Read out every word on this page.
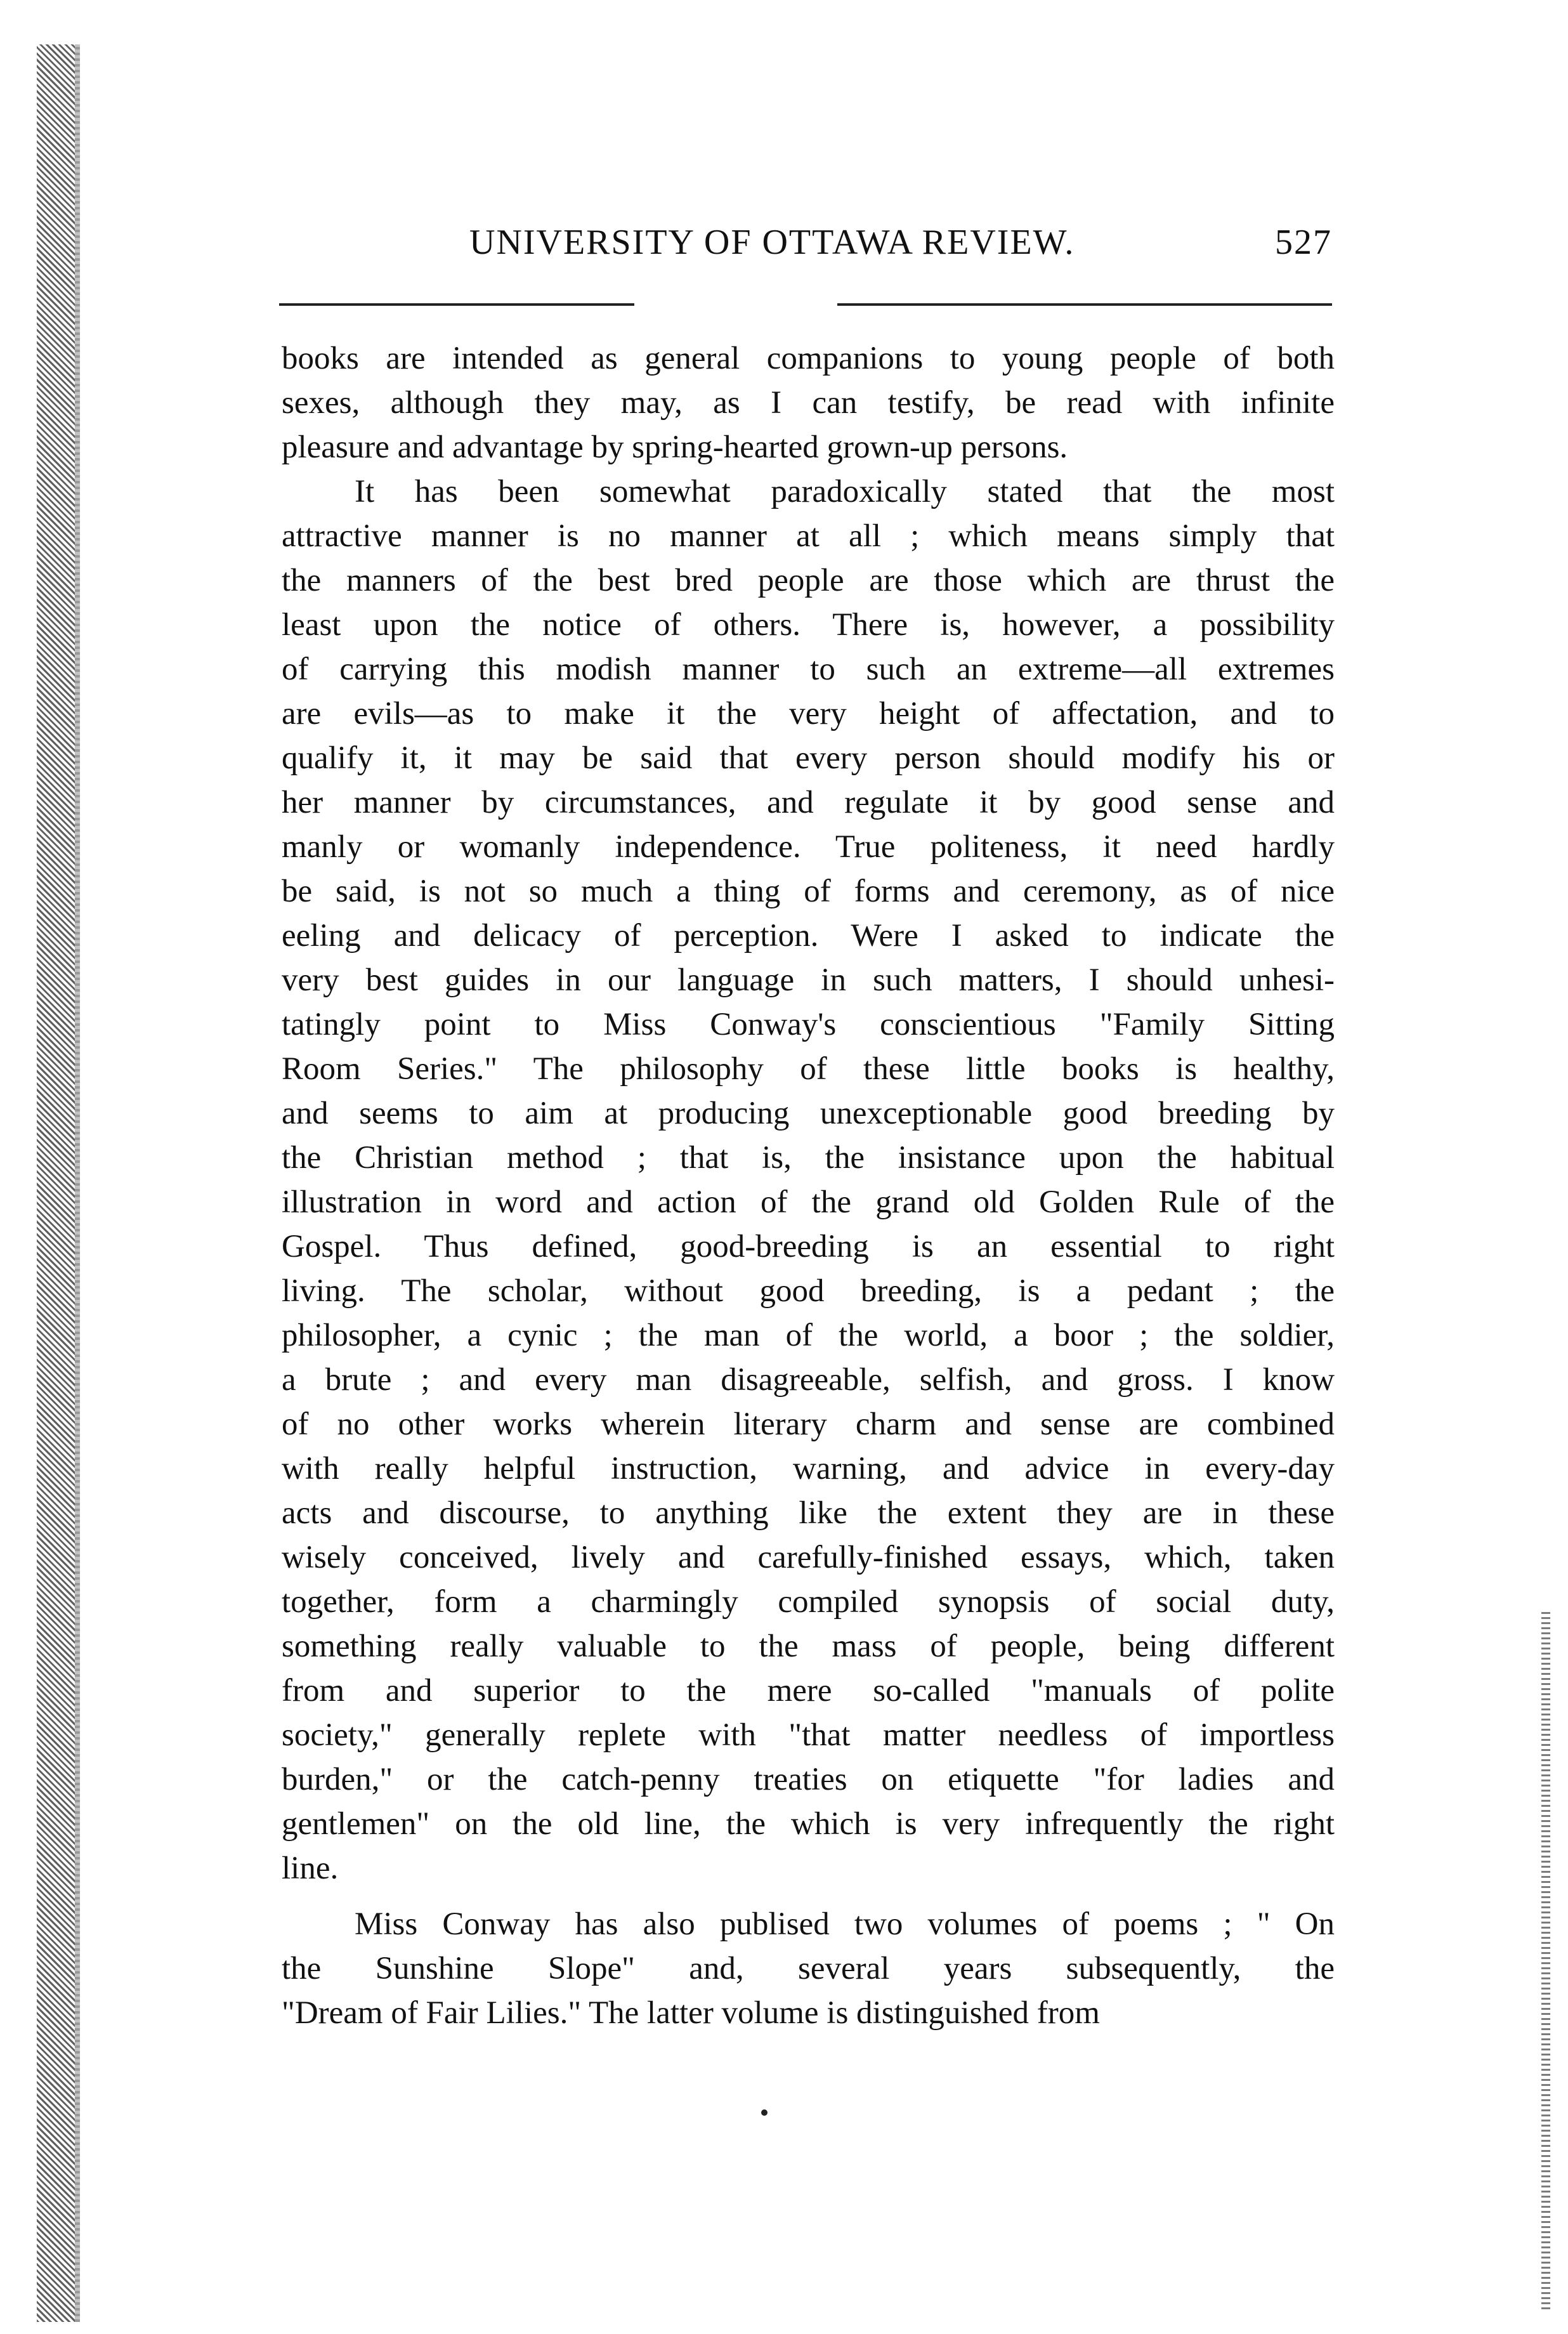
UNIVERSITY OF OTTAWA REVIEW.	527
books are intended as general companions to young people of both
sexes, although they may, as I can testify, be read with infinite
pleasure and advantage by spring-hearted grown-up persons.
It has been somewhat paradoxically stated that the most
attractive manner is no manner at all ; which means simply that
the manners of the best bred people are those which are thrust the
least upon the notice of others. There is, however, a possibility
of carrying this modish manner to such an extreme—all extremes
are evils—as to make it the very height of affectation, and to
qualify it, it may be said that every person should modify his or
her manner by circumstances, and regulate it by good sense and
manly or womanly independence. True politeness, it need hardly
be said, is not so much a thing of forms and ceremony, as of nice
eeling and delicacy of perception. Were I asked to indicate the
very best guides in our language in such matters, I should unhesi-
tatingly point to Miss Conway's conscientious "Family Sitting
Room Series." The philosophy of these little books is healthy,
and seems to aim at producing unexceptionable good breeding by
the Christian method ; that is, the insistance upon the habitual
illustration in word and action of the grand old Golden Rule of the
Gospel. Thus defined, good-breeding is an essential to right
living. The scholar, without good breeding, is a pedant ; the
philosopher, a cynic ; the man of the world, a boor ; the soldier,
a brute ; and every man disagreeable, selfish, and gross. I know
of no other works wherein literary charm and sense are combined
with really helpful instruction, warning, and advice in every-day
acts and discourse, to anything like the extent they are in these
wisely conceived, lively and carefully-finished essays, which, taken
together, form a charmingly compiled synopsis of social duty,
something really valuable to the mass of people, being different
from and superior to the mere so-called "manuals of polite
society," generally replete with "that matter needless of importless
burden," or the catch-penny treaties on etiquette "for ladies and
gentlemen" on the old line, the which is very infrequently the right
line.
Miss Conway has also publised two volumes of poems ; " On
the Sunshine Slope" and, several years subsequently, the
"Dream of Fair Lilies." The latter volume is distinguished from
